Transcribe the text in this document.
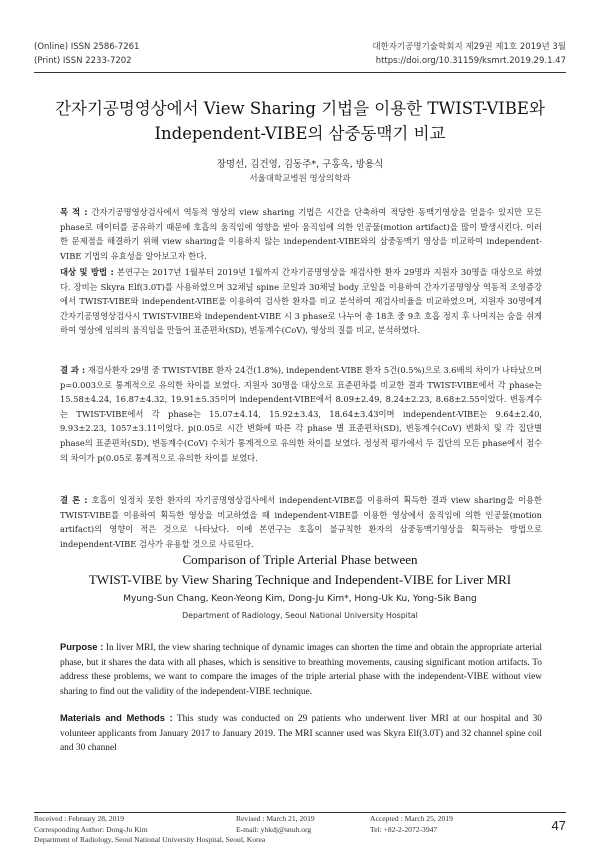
(Online) ISSN 2586-7261
(Print) ISSN 2233-7202
대한자기공명기술학회지 제29권 제1호 2019년 3월
https://doi.org/10.31159/ksmrt.2019.29.1.47
간자기공명영상에서 View Sharing 기법을 이용한 TWIST-VIBE와
Independent-VIBE의 삼중동맥기 비교
장명선, 김건영, 김동주*, 구홍욱, 방용식
서울대학교병원 영상의학과
목 적 : 간자기공명영상검사에서 역동적 영상의 view sharing 기법은 시간을 단축하여 적당한 동맥기영상을 얻을수 있지만 모든 phase로 데이터를 공유하기 때문에 호흡의 움직임에 영향을 받아 움직임에 의한 인공물(motion artifact)을 많이 발생시킨다. 이러한 문제점을 해결하기 위해 view sharing을 이용하지 않는 independent-VIBE와의 삼중동맥기 영상을 비교하여 independent-VIBE 기법의 유효성을 알아보고자 한다.
대상 및 방법 : 본연구는 2017년 1월부터 2019년 1월까지 간자기공명영상을 재검사한 환자 29명과 지원자 30명을 대상으로 하였다. 장비는 Skyra Elf(3.0T)를 사용하였으며 32채널 spine 코일과 30채널 body 코일을 이용하여 간자기공명영상 역동적 조영증강에서 TWIST-VIBE와 independent-VIBE을 이용하여 검사한 환자를 비교 분석하여 재검사비율을 비교하였으며, 지원자 30명에게 간자기공명영상검사시 TWIST-VIBE와 independent-VIBE 시 3 phase로 나누어 총 18초 중 9초 호흡 정지 후 나머지는 숨을 쉬게 하여 영상에 임의의 움직임을 만들어 표준편차(SD), 변동계수(CoV), 영상의 질를 비교, 분석하였다.
결 과 : 재검사환자 29명 중 TWIST-VIBE 환자 24건(1.8%), independent-VIBE 환자 5건(0.5%)으로 3.6배의 차이가 나타났으며 p=0.003으로 통계적으로 유의한 차이를 보였다. 지원자 30명을 대상으로 표준편차를 비교한 결과 TWIST-VIBE에서 각 phase는 15.58±4.24, 16.87±4.32, 19.91±5.35이며 independent-VIBE에서 8.09±2.49, 8.24±2.23, 8.68±2.55이었다. 변동계수는 TWIST-VIBE에서 각 phase는 15.07±4.14, 15.92±3.43, 18.64±3.43이며 independent-VIBE는 9.64±2.40, 9.93±2.23, 1057±3.11이었다. p(0.05로 시간 변화에 따른 각 phase 별 표준편차(SD), 변동계수(CoV) 변화치 및 각 집단별 phase의 표준편차(SD), 변동계수(CoV) 수치가 통계적으로 유의한 차이를 보였다. 정성적 평가에서 두 집단의 모든 phase에서 점수의 차이가 p(0.05로 통계적으로 유의한 차이를 보였다.
결 론 : 호흡이 일정치 못한 환자의 자기공명영상검사에서 independent-VIBE를 이용하여 획득한 결과 view sharing을 이용한 TWIST-VIBE를 이용하여 획득한 영상을 비교하였을 때 independent-VIBE를 이용한 영상에서 움직임에 의한 인공물(motion artifact)의 영향이 적은 것으로 나타났다. 이에 본연구는 호흡이 불규칙한 환자의 삼중동맥기영상을 획득하는 방법으로 independent-VIBE 검사가 유용할 것으로 사료된다.
Comparison of Triple Arterial Phase between
TWIST-VIBE by View Sharing Technique and Independent-VIBE for Liver MRI
Myung-Sun Chang, Keon-Yeong Kim, Dong-Ju Kim*, Hong-Uk Ku, Yong-Sik Bang
Department of Radiology, Seoul National University Hospital
Purpose : In liver MRI, the view sharing technique of dynamic images can shorten the time and obtain the appropriate arterial phase, but it shares the data with all phases, which is sensitive to breathing movements, causing significant motion artifacts. To address these problems, we want to compare the images of the triple arterial phase with the independent-VIBE without view sharing to find out the validity of the independent-VIBE technique.
Materials and Methods : This study was conducted on 29 patients who underwent liver MRI at our hospital and 30 volunteer applicants from January 2017 to January 2019. The MRI scanner used was Skyra Elf(3.0T) and 32 channel spine coil and 30 channel
Received : February 28, 2019
Corresponding Author: Dong-Ju Kim
Revised : March 21, 2019
E-mail: yhkdj@snuh.org
Accepted : March 25, 2019
Tel: +82-2-2072-3947
Department of Radiology, Seoul National University Hospital, Seoul, Korea
47
